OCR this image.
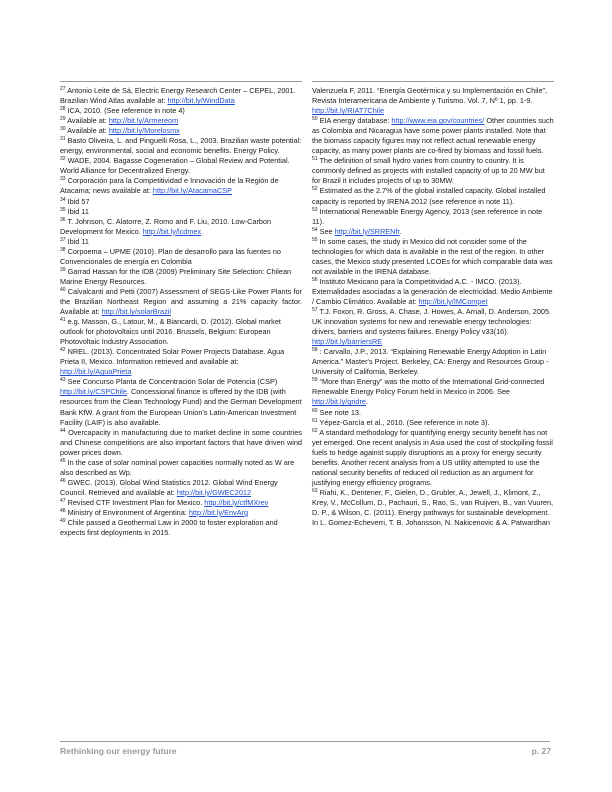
$^{27}$ Antonio Leite de Sá, Electric Energy Research Center – CEPEL, 2001. Brazilian Wind Atlas available at: http://bit.ly/WindData

$^{28}$ ICA, 2010. (See reference in note 4)

$^{29}$ Available at: http://bit.ly/Armereom

$^{30}$ Available at: http://bit.ly/Morelosmx

$^{31}$ Basto Oliveira, L. and Pinguelli Rosa, L., 2003. Brazilian waste potential: energy, environmental, social and economic benefits. Energy Policy.

$^{32}$ WADE, 2004. Bagasse Cogeneration – Global Review and Potential. World Alliance for Decentralized Energy.

$^{33}$ Corporación para la Competitividad e Innovación de la Región de Atacama; news available at: http://bit.ly/AtacamaCSP

$^{34}$ Ibid 57

$^{35}$ Ibid 11

$^{36}$ T. Johnson, C. Alatorre, Z. Romo and F. Liu, 2010. Low-Carbon Development for Mexico. http://bit.ly/lcdmex

$^{37}$ Ibid 11

$^{38}$ Corpoema – UPME (2010). Plan de desarrollo para las fuentes no Convencionales de energía en Colombia

$^{39}$ Garrad Hassan for the IDB (2009) Preliminary Site Selection: Chilean Marine Energy Resources.

$^{40}$ Calvalcanti and Petti (2007) Assessment of SEGS-Like Power Plants for the Brazilian Northeast Region and assuming a 21% capacity factor. Available at: http://bit.ly/solarBrazil

$^{41}$ e.g. Masson, G., Latour, M., & Biancardi, D. (2012). Global market outlook for photovoltaics until 2016. Brussels, Belgium: European Photovoltaic Industry Association.

$^{42}$ NREL. (2013). Concentrated Solar Power Projects Database. Agua Prieta II, Mexico. Information retrieved and available at: http://bit.ly/AguaPrieta

$^{43}$ See Concurso Planta de Concentración Solar de Potencia (CSP) http://bit.ly/CSPChile. Concessional finance is offered by the IDB (with resources from the Clean Technology Fund) and the German Development Bank KfW. A grant from the European Union's Latin-American Investment Facility (LAIF) is also available.

$^{44}$ Overcapacity in manufacturing due to market decline in some countries and Chinese competitions are also important factors that have driven wind power prices down.

$^{45}$ In the case of solar nominal power capacities normally noted as W are also described as Wp.

$^{46}$ GWEC. (2013). Global Wind Statistics 2012. Global Wind Energy Council. Retrieved and available at: http://bit.ly/GWEC2012

$^{47}$ Revised CTF Investment Plan for Mexico. http://bit.ly/ctfMXrev

$^{48}$ Ministry of Environment of Argentina: http://bit.ly/EnvArg

$^{49}$ Chile passed a Geothermal Law in 2000 to foster exploration and expects first deployments in 2015.

Valenzuela F, 2011. “Energía Geotérmica y su Implementación en Chile”, Revista Interamericana de Ambiente y Turismo. Vol. 7, Nº 1, pp. 1-9. http://bit.ly/RIAT7Chile

$^{50}$ EIA energy database: http://www.eia.gov/countries/ Other countries such as Colombia and Nicaragua have some power plants installed. Note that the biomass capacity figures may not reflect actual renewable energy capacity, as many power plants are co-fired by biomass and fossil fuels.

$^{51}$ The definition of small hydro varies from country to country. It is commonly defined as projects with installed capacity of up to 20 MW but for Brazil it includes projects of up to 30MW.

$^{52}$ Estimated as the 2.7% of the global installed capacity. Global installed capacity is reported by IRENA 2012 (see reference in note 11).

$^{53}$ International Renewable Energy Agency, 2013 (see reference in note 11).

$^{54}$ See http://bit.ly/SRRENfr.

$^{55}$ In some cases, the study in Mexico did not consider some of the technologies for which data is available in the rest of the region. In other cases, the Mexico study presented LCOEs for which comparable data was not available in the IRENA database.

$^{56}$ Instituto Mexicano para la Competitividad A.C. - IMCO. (2013). Externalidades asociadas a la generación de electricidad. Medio Ambiente / Cambio Climático. Available at: http://bit.ly/IMCompet

$^{57}$ T.J. Foxon, R. Gross, A. Chase, J. Howes, A. Arnall, D. Anderson, 2005. UK innovation systems for new and renewable energy technologies: drivers, barriers and systems failures. Energy Policy v33(16). http://bit.ly/barriersRE

$^{58}$ : Carvallo, J.P., 2013. “Explaining Renewable Energy Adoption in Latin America.” Master's Project. Berkeley, CA: Energy and Resources Group - University of California, Berkeley.

$^{59}$ “More than Energy” was the motto of the International Grid-connected Renewable Energy Policy Forum held in Mexico in 2006. See http://bit.ly/gridre.

$^{60}$ See note 13.

$^{61}$ Yépez-García et al., 2010. (See reference in note 3).

$^{62}$ A standard methodology for quantifying energy security benefit has not yet emerged. One recent analysis in Asia used the cost of stockpiling fossil fuels to hedge against supply disruptions as a proxy for energy security benefits. Another recent analysis from a US utility attempted to use the national security benefits of reduced oil reduction as an argument for justifying energy efficiency programs.

$^{63}$ Riahi, K., Dentener, F., Gielen, D., Grubler, A., Jewell, J., Klimont, Z., Krey, V., McCollum, D., Pachauri, S., Rao, S., van Ruijven, B., van Vuuren, D. P., & Wilson, C. (2011). Energy pathways for sustainable development. In L. Gomez-Echeverri, T. B. Johansson, N. Nakicenovic & A. Patwardhan

Rethinking our energy future	p. 27
